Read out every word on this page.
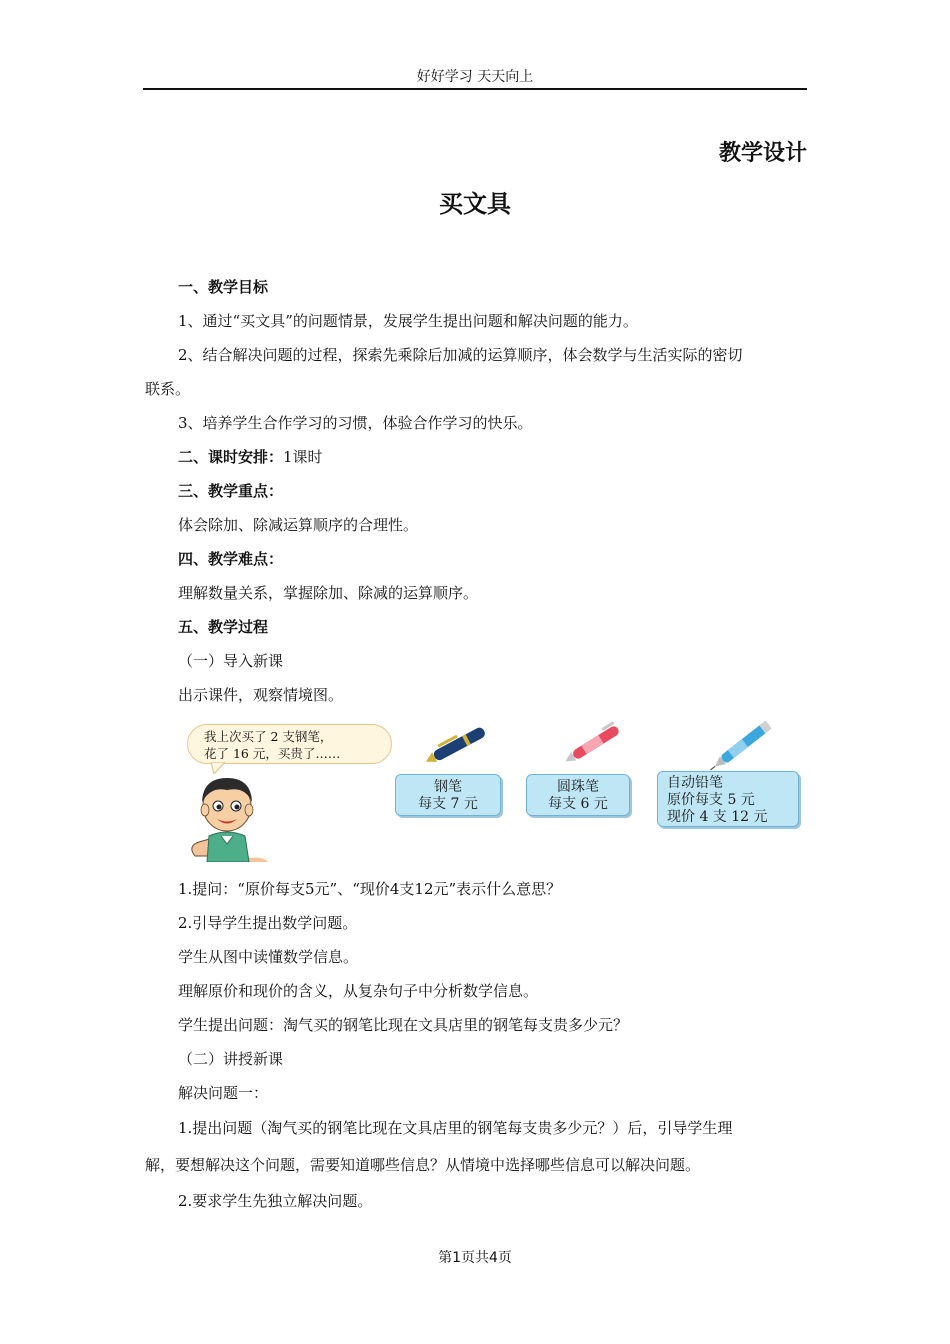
好好学习 天天向上
教学设计
买文具

一、教学目标

1、通过“买文具”的问题情景，发展学生提出问题和解决问题的能力。

2、结合解决问题的过程，探索先乘除后加减的运算顺序，体会数学与生活实际的密切

联系。

3、培养学生合作学习的习惯，体验合作学习的快乐。

二、课时安排：1课时

三、教学重点：

体会除加、除减运算顺序的合理性。

四、教学难点：

理解数量关系，掌握除加、除减的运算顺序。

五、教学过程

（一）导入新课

出示课件，观察情境图。

我上次买了 2 支钢笔，
花了 16 元，买贵了……
钢笔
每支 7 元
圆珠笔
每支 6 元
自动铅笔
原价每支 5 元
现价 4 支 12 元

1.提问：“原价每支5元”、“现价4支12元”表示什么意思？

2.引导学生提出数学问题。

学生从图中读懂数学信息。

理解原价和现价的含义，从复杂句子中分析数学信息。

学生提出问题：淘气买的钢笔比现在文具店里的钢笔每支贵多少元？

（二）讲授新课

解决问题一：

1.提出问题（淘气买的钢笔比现在文具店里的钢笔每支贵多少元？）后，引导学生理

解，要想解决这个问题，需要知道哪些信息？从情境中选择哪些信息可以解决问题。

2.要求学生先独立解决问题。

第1页共4页
